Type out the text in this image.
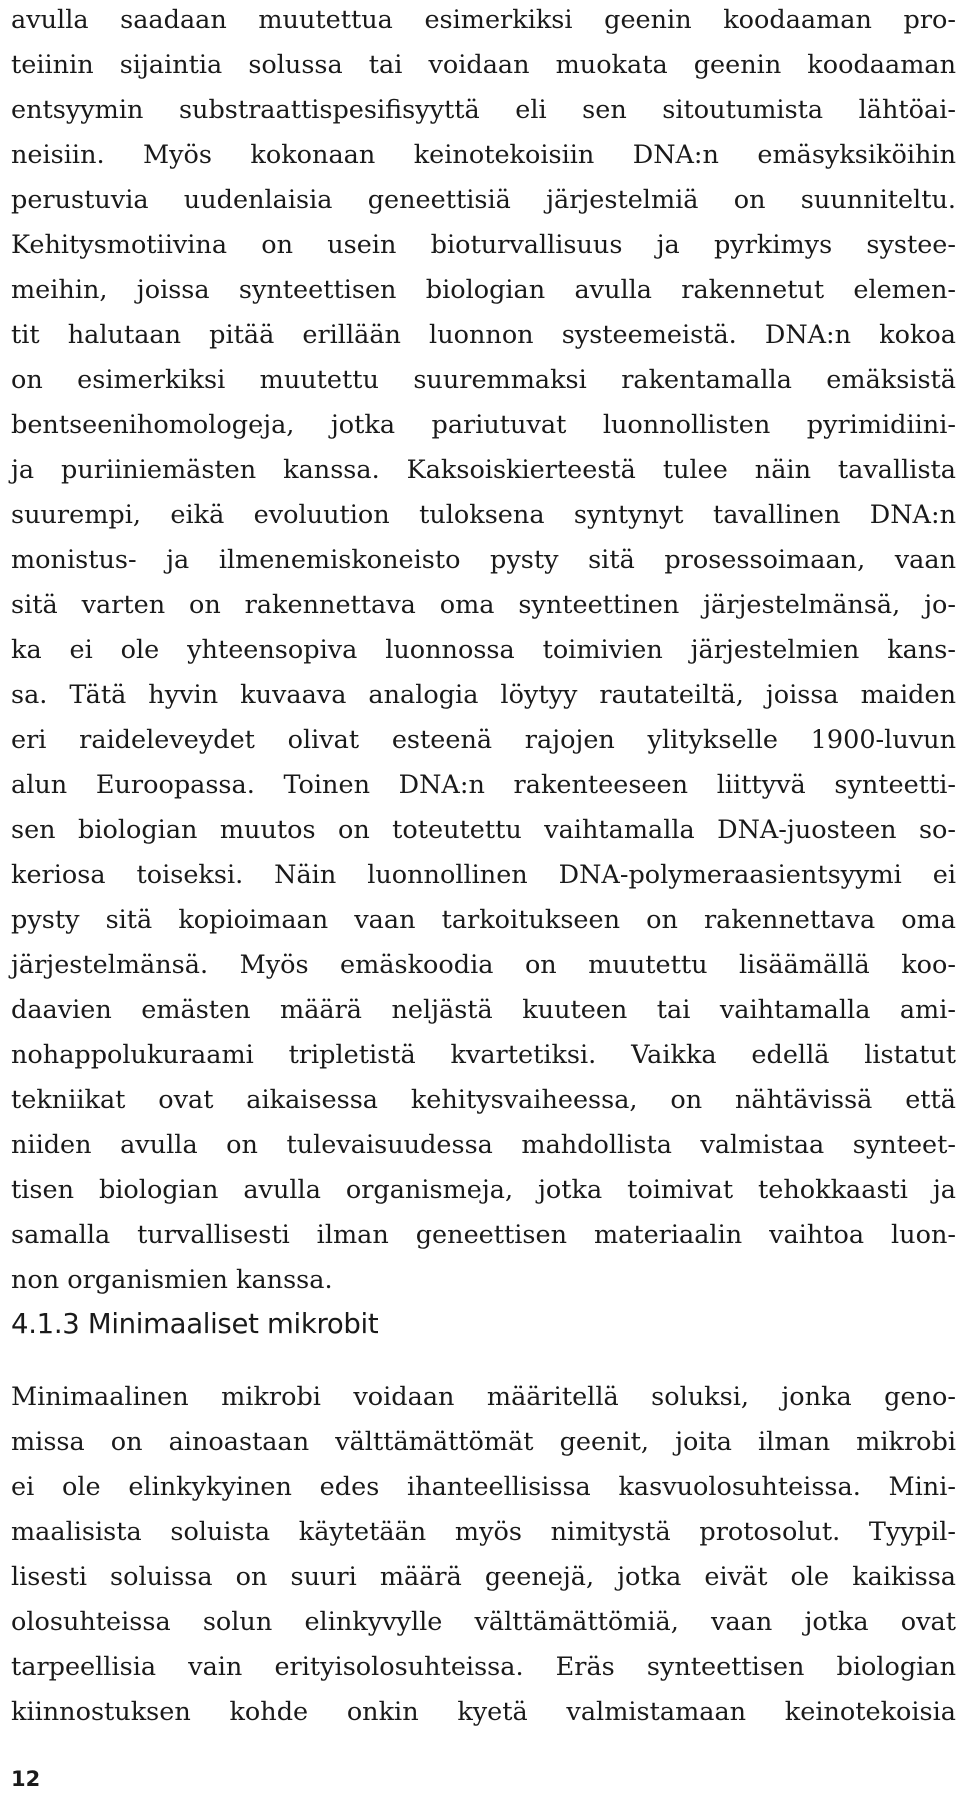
avulla saadaan muutettua esimerkiksi geenin koodaaman pro-
teiinin sijaintia solussa tai voidaan muokata geenin koodaaman
entsyymin substraattispesifisyyttä eli sen sitoutumista lähtöai-
neisiin. Myös kokonaan keinotekoisiin DNA:n emäsyksiköihin
perustuvia uudenlaisia geneettisiä järjestelmiä on suunniteltu.
Kehitysmotiivina on usein bioturvallisuus ja pyrkimys systee-
meihin, joissa synteettisen biologian avulla rakennetut elemen-
tit halutaan pitää erillään luonnon systeemeistä. DNA:n kokoa
on esimerkiksi muutettu suuremmaksi rakentamalla emäksistä
bentseenihomologeja, jotka pariutuvat luonnollisten pyrimidiini-
ja puriiniemästen kanssa. Kaksoiskierteestä tulee näin tavallista
suurempi, eikä evoluution tuloksena syntynyt tavallinen DNA:n
monistus- ja ilmenemiskoneisto pysty sitä prosessoimaan, vaan
sitä varten on rakennettava oma synteettinen järjestelmänsä, jo-
ka ei ole yhteensopiva luonnossa toimivien järjestelmien kans-
sa. Tätä hyvin kuvaava analogia löytyy rautateiltä, joissa maiden
eri raideleveydet olivat esteenä rajojen ylitykselle 1900-luvun
alun Euroopassa. Toinen DNA:n rakenteeseen liittyvä synteetti-
sen biologian muutos on toteutettu vaihtamalla DNA-juosteen so-
keriosa toiseksi. Näin luonnollinen DNA-polymeraasientsyymi ei
pysty sitä kopioimaan vaan tarkoitukseen on rakennettava oma
järjestelmänsä. Myös emäskoodia on muutettu lisäämällä koo-
daavien emästen määrä neljästä kuuteen tai vaihtamalla ami-
nohappolukuraami tripletistä kvartetiksi. Vaikka edellä listatut
tekniikat ovat aikaisessa kehitysvaiheessa, on nähtävissä että
niiden avulla on tulevaisuudessa mahdollista valmistaa synteet-
tisen biologian avulla organismeja, jotka toimivat tehokkaasti ja
samalla turvallisesti ilman geneettisen materiaalin vaihtoa luon-
non organismien kanssa.

4.1.3 Minimaaliset mikrobit

Minimaalinen mikrobi voidaan määritellä soluksi, jonka geno-
missa on ainoastaan välttämättömät geenit, joita ilman mikrobi
ei ole elinkykyinen edes ihanteellisissa kasvuolosuhteissa. Mini-
maalisista soluista käytetään myös nimitystä protosolut. Tyypil-
lisesti soluissa on suuri määrä geenejä, jotka eivät ole kaikissa
olosuhteissa solun elinkyvylle välttämättömiä, vaan jotka ovat
tarpeellisia vain erityisolosuhteissa. Eräs synteettisen biologian
kiinnostuksen kohde onkin kyetä valmistamaan keinotekoisia

12
